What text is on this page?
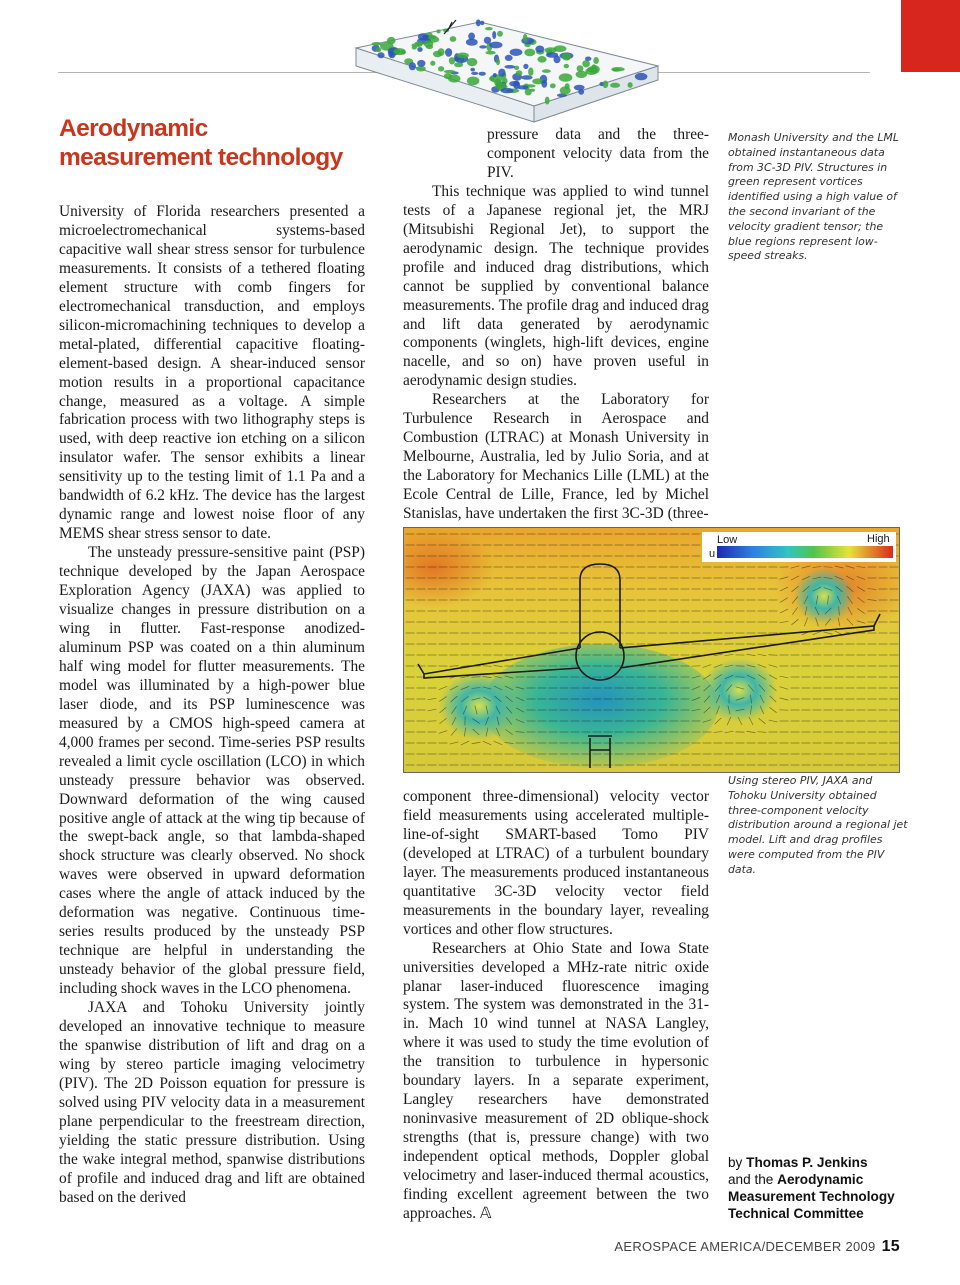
Aerodynamic
measurement technology

University of Florida researchers presented a microelectromechanical systems-based capacitive wall shear stress sensor for turbulence measurements. It consists of a tethered floating element structure with comb fingers for electromechanical transduction, and employs silicon-micromachining techniques to develop a metal-plated, differential capacitive floating-element-based design. A shear-induced sensor motion results in a proportional capacitance change, measured as a voltage. A simple fabrication process with two lithography steps is used, with deep reactive ion etching on a silicon insulator wafer. The sensor exhibits a linear sensitivity up to the testing limit of 1.1 Pa and a bandwidth of 6.2 kHz. The device has the largest dynamic range and lowest noise floor of any MEMS shear stress sensor to date.

The unsteady pressure-sensitive paint (PSP) technique developed by the Japan Aerospace Exploration Agency (JAXA) was applied to visualize changes in pressure distribution on a wing in flutter. Fast-response anodized-aluminum PSP was coated on a thin aluminum half wing model for flutter measurements. The model was illuminated by a high-power blue laser diode, and its PSP luminescence was measured by a CMOS high-speed camera at 4,000 frames per second. Time-series PSP results revealed a limit cycle oscillation (LCO) in which unsteady pressure behavior was observed. Downward deformation of the wing caused positive angle of attack at the wing tip because of the swept-back angle, so that lambda-shaped shock structure was clearly observed. No shock waves were observed in upward deformation cases where the angle of attack induced by the deformation was negative. Continuous time-series results produced by the unsteady PSP technique are helpful in understanding the unsteady behavior of the global pressure field, including shock waves in the LCO phenomena.

JAXA and Tohoku University jointly developed an innovative technique to measure the spanwise distribution of lift and drag on a wing by stereo particle imaging velocimetry (PIV). The 2D Poisson equation for pressure is solved using PIV velocity data in a measurement plane perpendicular to the freestream direction, yielding the static pressure distribution. Using the wake integral method, spanwise distributions of profile and induced drag and lift are obtained based on the derived

pressure data and the three-component velocity data from the PIV.

This technique was applied to wind tunnel tests of a Japanese regional jet, the MRJ (Mitsubishi Regional Jet), to support the aerodynamic design. The technique provides profile and induced drag distributions, which cannot be supplied by conventional balance measurements. The profile drag and induced drag and lift data generated by aerodynamic components (winglets, high-lift devices, engine nacelle, and so on) have proven useful in aerodynamic design studies.

Researchers at the Laboratory for Turbulence Research in Aerospace and Combustion (LTRAC) at Monash University in Melbourne, Australia, led by Julio Soria, and at the Laboratory for Mechanics Lille (LML) at the Ecole Central de Lille, France, led by Michel Stanislas, have undertaken the first 3C-3D (three-

u
Low	High

component three-dimensional) velocity vector field measurements using accelerated multiple-line-of-sight SMART-based Tomo PIV (developed at LTRAC) of a turbulent boundary layer. The measurements produced instantaneous quantitative 3C-3D velocity vector field measurements in the boundary layer, revealing vortices and other flow structures.

Researchers at Ohio State and Iowa State universities developed a MHz-rate nitric oxide planar laser-induced fluorescence imaging system. The system was demonstrated in the 31-in. Mach 10 wind tunnel at NASA Langley, where it was used to study the time evolution of the transition to turbulence in hypersonic boundary layers. In a separate experiment, Langley researchers have demonstrated noninvasive measurement of 2D oblique-shock strengths (that is, pressure change) with two independent optical methods, Doppler global velocimetry and laser-induced thermal acoustics, finding excellent agreement between the two approaches. 𝔸

Monash University and the LML obtained instantaneous data from 3C-3D PIV. Structures in green represent vortices identified using a high value of the second invariant of the velocity gradient tensor; the blue regions represent low-speed streaks.
Using stereo PIV, JAXA and Tohoku University obtained three-component velocity distribution around a regional jet model. Lift and drag profiles were computed from the PIV data.
by Thomas P. Jenkins
and the Aerodynamic
Measurement Technology
Technical Committee
AEROSPACE AMERICA/DECEMBER 2009 15
